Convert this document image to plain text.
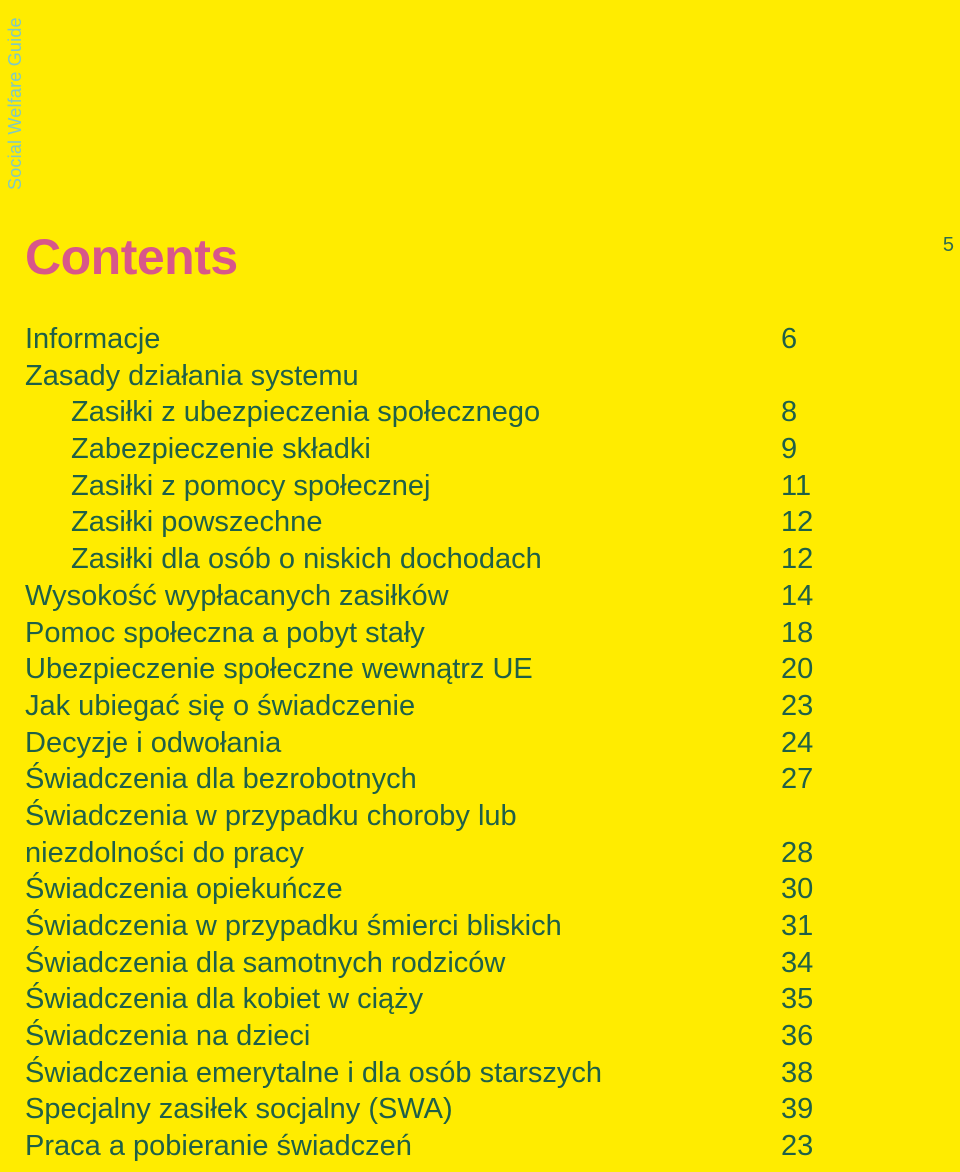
Social Welfare Guide
Contents	5
Informacje	6
Zasady działania systemu
Zasiłki z ubezpieczenia społecznego	8
Zabezpieczenie składki	9
Zasiłki z pomocy społecznej	11
Zasiłki powszechne	12
Zasiłki dla osób o niskich dochodach	12
Wysokość wypłacanych zasiłków	14
Pomoc społeczna a pobyt stały	18
Ubezpieczenie społeczne wewnątrz UE	20
Jak ubiegać się o świadczenie	23
Decyzje i odwołania	24
Świadczenia dla bezrobotnych	27
Świadczenia w przypadku choroby lub
niezdolności do pracy	28
Świadczenia opiekuńcze	30
Świadczenia w przypadku śmierci bliskich	31
Świadczenia dla samotnych rodziców	34
Świadczenia dla kobiet w ciąży	35
Świadczenia na dzieci	36
Świadczenia emerytalne i dla osób starszych	38
Specjalny zasiłek socjalny (SWA)	39
Praca a pobieranie świadczeń	23
